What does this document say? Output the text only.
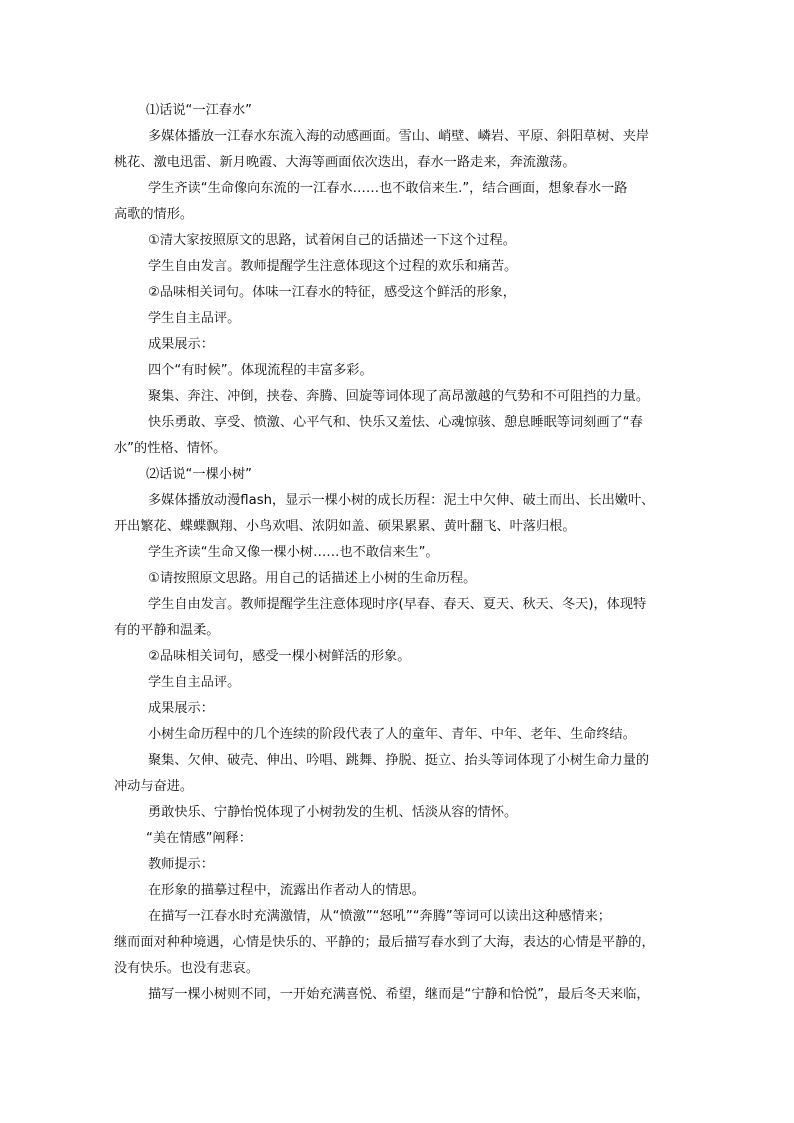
⑴话说“一江春水”
多媒体播放一江春水东流入海的动感画面。雪山、峭壁、嶙岩、平原、斜阳草树、夹岸
桃花、激电迅雷、新月晚霞、大海等画面依次迭出，春水一路走来，奔流激荡。
学生齐读“生命像向东流的一江春水……也不敢信来生.”，结合画面，想象春水一路
高歌的情形。
①清大家按照原文的思路，试着闲自己的话描述一下这个过程。
学生自由发言。教师提醒学生注意体现这个过程的欢乐和痛苦。
②品味相关词句。体味一江春水的特征，感受这个鲜活的形象，
学生自主品评。
成果展示：
四个“有时候”。体现流程的丰富多彩。
聚集、奔注、冲倒，挟卷、奔腾、回旋等词体现了高昂激越的气势和不可阻挡的力量。
快乐勇敢、享受、愤激、心平气和、快乐又羞怯、心魂惊骇、憩息睡眠等词刻画了“春
水”的性格、情怀。
⑵话说“一棵小树”
多媒体播放动漫flash，显示一棵小树的成长历程：泥土中欠伸、破土而出、长出嫩叶、
开出繁花、蝶蝶飘翔、小鸟欢唱、浓阴如盖、硕果累累、黄叶翻飞、叶落归根。
学生齐读“生命又像一棵小树……也不敢信来生”。
①请按照原文思路。用自己的话描述上小树的生命历程。
学生自由发言。教师提醒学生注意体现时序(早春、春天、夏天、秋天、冬天)，体现特
有的平静和温柔。
②品味相关词句，感受一棵小树鲜活的形象。
学生自主品评。
成果展示：
小树生命历程中的几个连续的阶段代表了人的童年、青年、中年、老年、生命终结。
聚集、欠伸、破壳、伸出、吟唱、跳舞、挣脱、挺立、抬头等词体现了小树生命力量的
冲动与奋进。
勇敢快乐、宁静怡悦体现了小树勃发的生机、恬淡从容的情怀。
“美在情感”阐释：
教师提示：
在形象的描摹过程中，流露出作者动人的情思。
在描写一江春水时充满激情，从“愤激”“怒吼”“奔腾”等词可以读出这种感情来；
继而面对种种境遇，心情是快乐的、平静的；最后描写春水到了大海，表达的心情是平静的，
没有快乐。也没有悲哀。
描写一棵小树则不同，一开始充满喜悦、希望，继而是“宁静和恰悦”，最后冬天来临，
